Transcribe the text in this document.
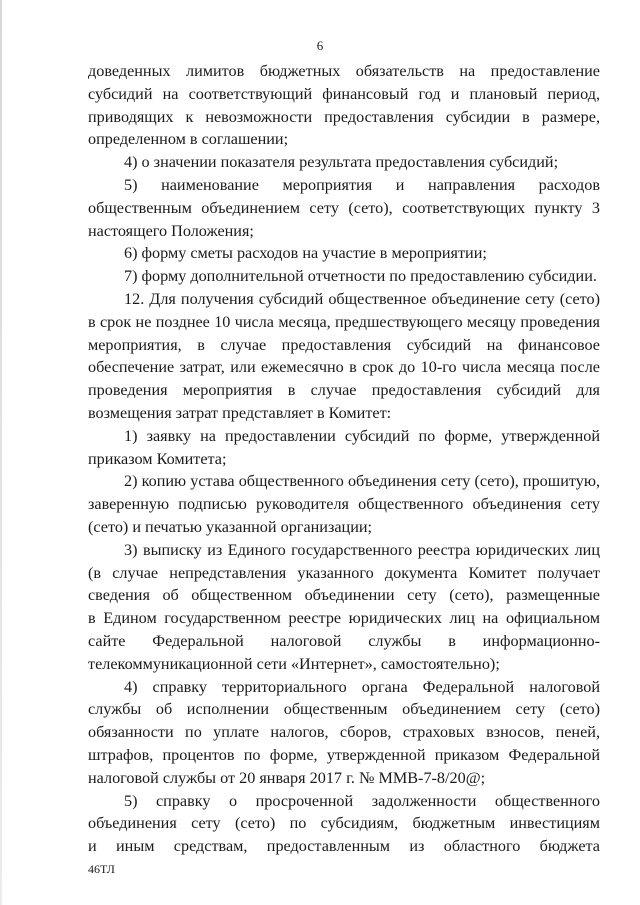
6
доведенных лимитов бюджетных обязательств на предоставление
субсидий на соответствующий финансовый год и плановый период,
приводящих к невозможности предоставления субсидии в размере,
определенном в соглашении;
4) о значении показателя результата предоставления субсидий;
5) наименование мероприятия и направления расходов
общественным объединением сету (сето), соответствующих пункту 3
настоящего Положения;
6) форму сметы расходов на участие в мероприятии;
7) форму дополнительной отчетности по предоставлению субсидии.
12. Для получения субсидий общественное объединение сету (сето)
в срок не позднее 10 числа месяца, предшествующего месяцу проведения
мероприятия, в случае предоставления субсидий на финансовое
обеспечение затрат, или ежемесячно в срок до 10-го числа месяца после
проведения мероприятия в случае предоставления субсидий для
возмещения затрат представляет в Комитет:
1) заявку на предоставлении субсидий по форме, утвержденной
приказом Комитета;
2) копию устава общественного объединения сету (сето), прошитую,
заверенную подписью руководителя общественного объединения сету
(сето) и печатью указанной организации;
3) выписку из Единого государственного реестра юридических лиц
(в случае непредставления указанного документа Комитет получает
сведения об общественном объединении сету (сето), размещенные
в Едином государственном реестре юридических лиц на официальном
сайте Федеральной налоговой службы в информационно-
телекоммуникационной сети «Интернет», самостоятельно);
4) справку территориального органа Федеральной налоговой
службы об исполнении общественным объединением сету (сето)
обязанности по уплате налогов, сборов, страховых взносов, пеней,
штрафов, процентов по форме, утвержденной приказом Федеральной
налоговой службы от 20 января 2017 г. № ММВ-7-8/20@;
5) справку о просроченной задолженности общественного
объединения сету (сето) по субсидиям, бюджетным инвестициям
и иным средствам, предоставленным из областного бюджета
46ТЛ
